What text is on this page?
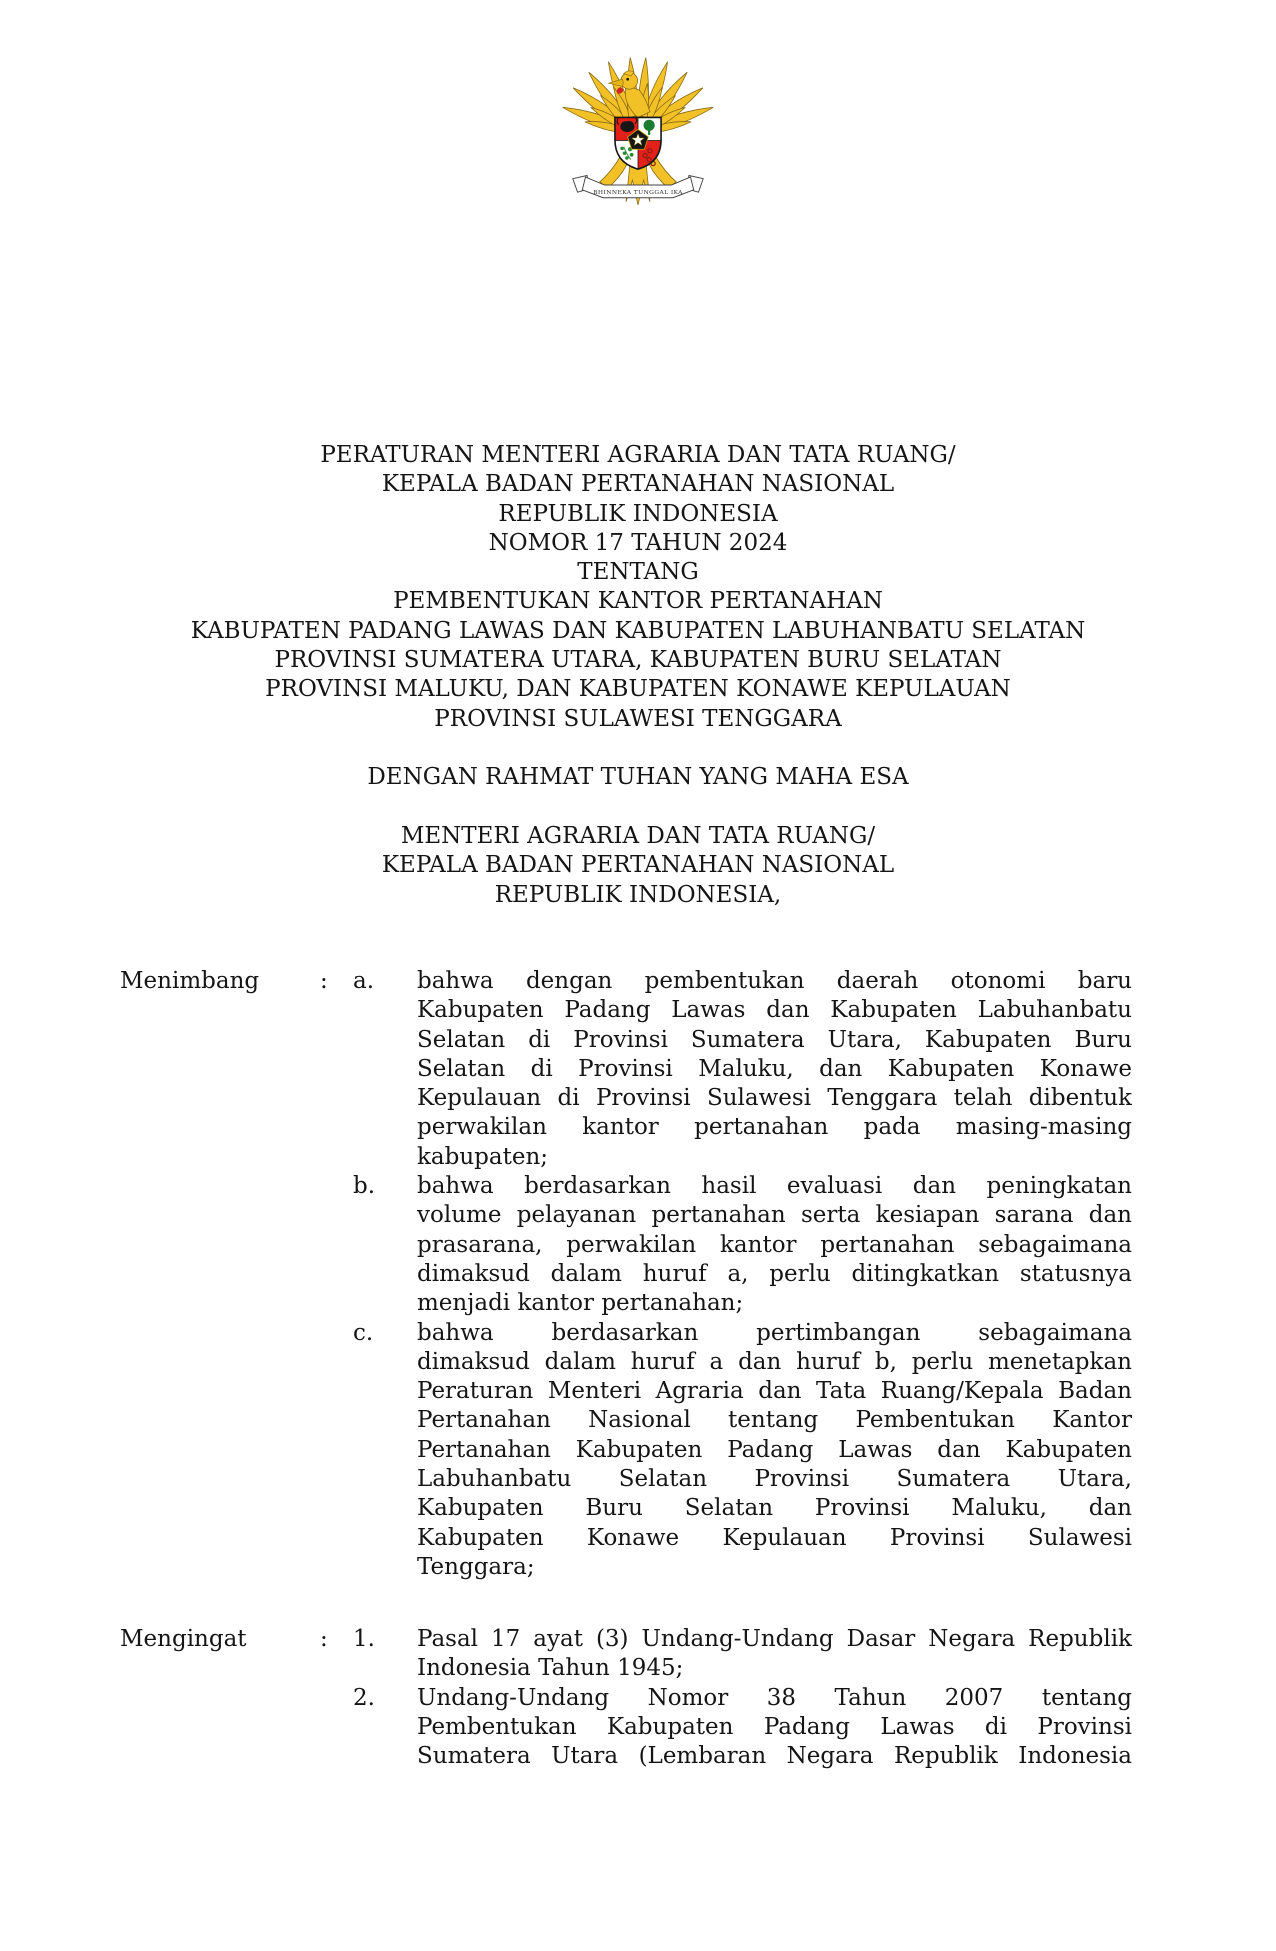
BHINNEKA TUNGGAL IKA
PERATURAN MENTERI AGRARIA DAN TATA RUANG/
KEPALA BADAN PERTANAHAN NASIONAL
REPUBLIK INDONESIA
NOMOR 17 TAHUN 2024
TENTANG
PEMBENTUKAN KANTOR PERTANAHAN
KABUPATEN PADANG LAWAS DAN KABUPATEN LABUHANBATU SELATAN
PROVINSI SUMATERA UTARA, KABUPATEN BURU SELATAN
PROVINSI MALUKU, DAN KABUPATEN KONAWE KEPULAUAN
PROVINSI SULAWESI TENGGARA
DENGAN RAHMAT TUHAN YANG MAHA ESA
MENTERI AGRARIA DAN TATA RUANG/
KEPALA BADAN PERTANAHAN NASIONAL
REPUBLIK INDONESIA,
Menimbang	:	a.	bahwa dengan pembentukan daerah otonomi baru
Kabupaten Padang Lawas dan Kabupaten Labuhanbatu
Selatan di Provinsi Sumatera Utara, Kabupaten Buru
Selatan di Provinsi Maluku, dan Kabupaten Konawe
Kepulauan di Provinsi Sulawesi Tenggara telah dibentuk
perwakilan kantor pertanahan pada masing-masing
kabupaten;
b.	bahwa berdasarkan hasil evaluasi dan peningkatan
volume pelayanan pertanahan serta kesiapan sarana dan
prasarana, perwakilan kantor pertanahan sebagaimana
dimaksud dalam huruf a, perlu ditingkatkan statusnya
menjadi kantor pertanahan;
c.	bahwa berdasarkan pertimbangan sebagaimana
dimaksud dalam huruf a dan huruf b, perlu menetapkan
Peraturan Menteri Agraria dan Tata Ruang/Kepala Badan
Pertanahan Nasional tentang Pembentukan Kantor
Pertanahan Kabupaten Padang Lawas dan Kabupaten
Labuhanbatu Selatan Provinsi Sumatera Utara,
Kabupaten Buru Selatan Provinsi Maluku, dan
Kabupaten Konawe Kepulauan Provinsi Sulawesi
Tenggara;
Mengingat	:	1.	Pasal 17 ayat (3) Undang-Undang Dasar Negara Republik
Indonesia Tahun 1945;
2.	Undang-Undang Nomor 38 Tahun 2007 tentang
Pembentukan Kabupaten Padang Lawas di Provinsi
Sumatera Utara (Lembaran Negara Republik Indonesia
